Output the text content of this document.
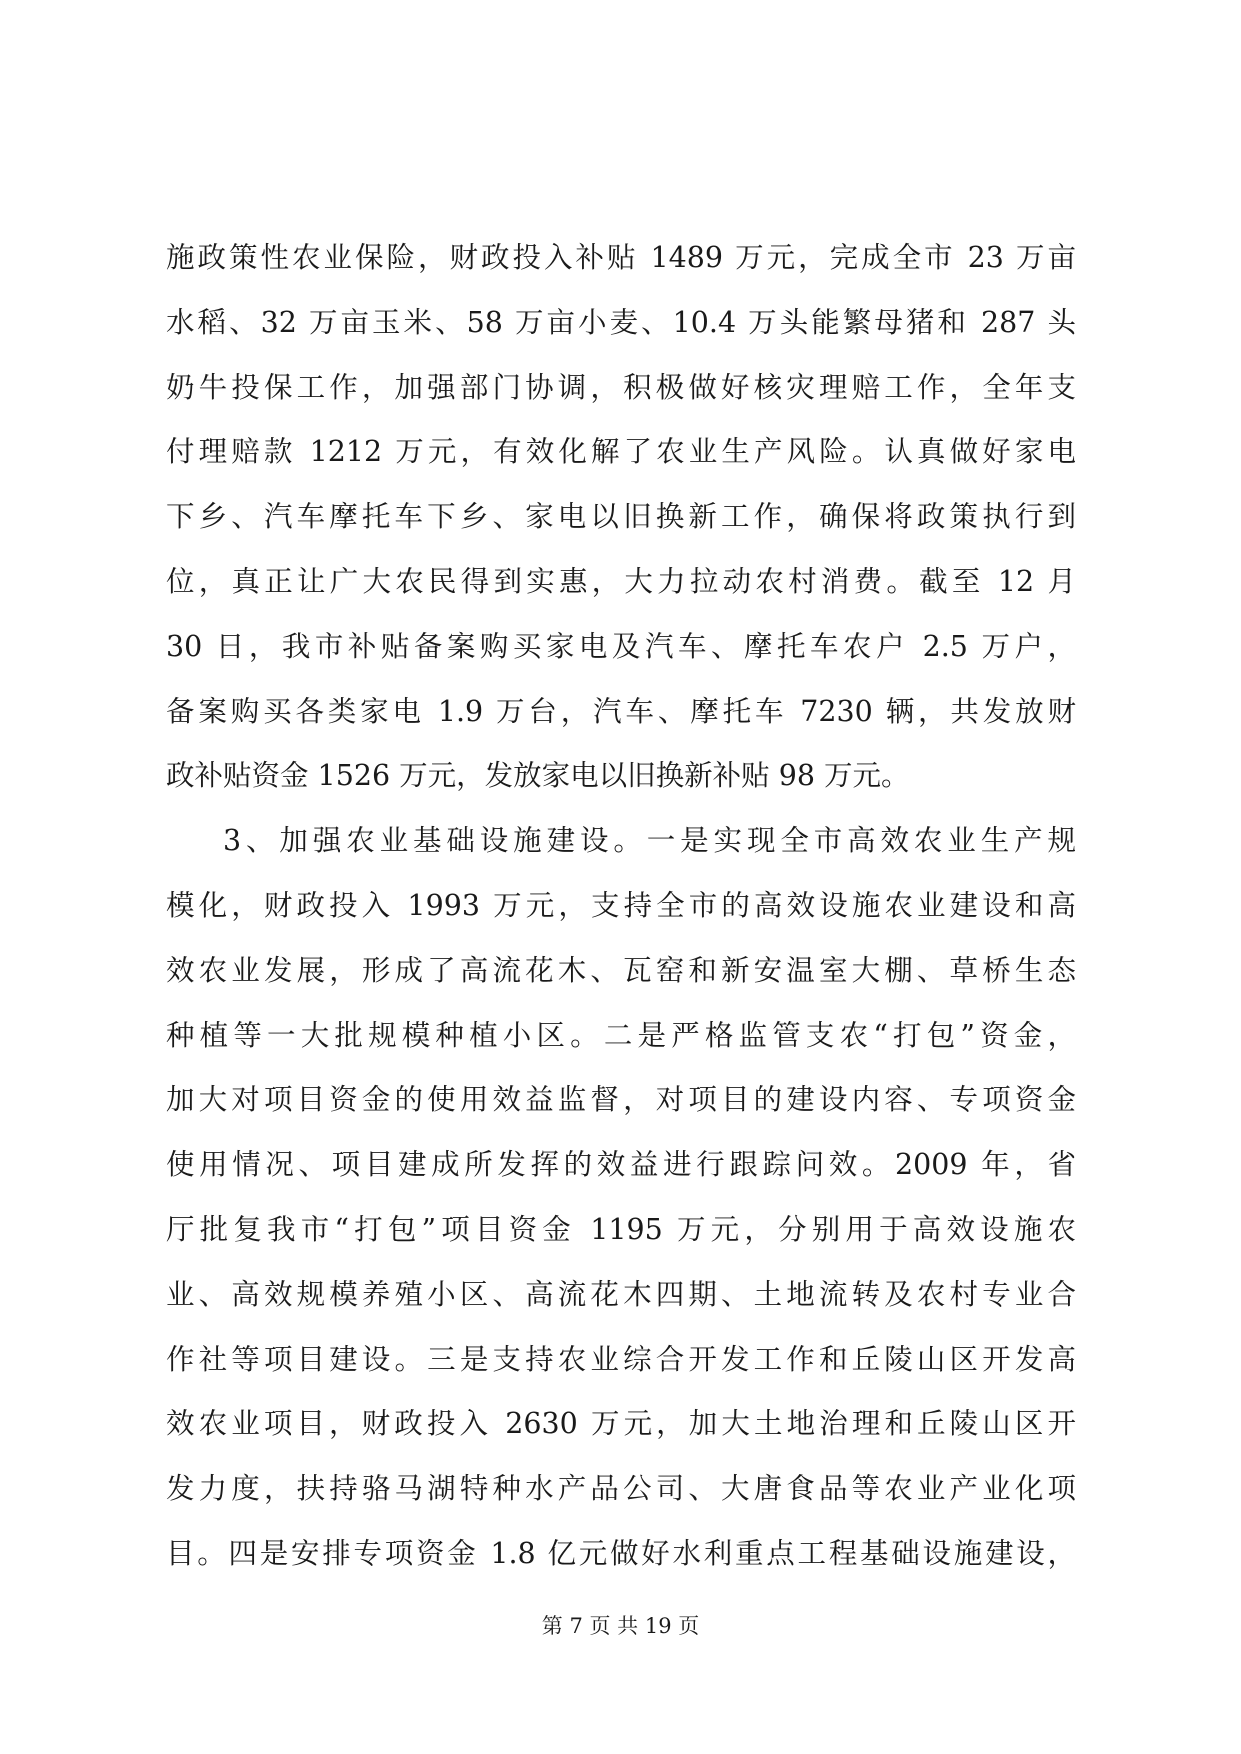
施政策性农业保险，财政投入补贴 1489 万元，完成全市 23 万亩
水稻、32 万亩玉米、58 万亩小麦、10.4 万头能繁母猪和 287 头
奶牛投保工作，加强部门协调，积极做好核灾理赔工作，全年支
付理赔款 1212 万元，有效化解了农业生产风险。认真做好家电
下乡、汽车摩托车下乡、家电以旧换新工作，确保将政策执行到
位，真正让广大农民得到实惠，大力拉动农村消费。截至 12 月
30 日，我市补贴备案购买家电及汽车、摩托车农户 2.5 万户，
备案购买各类家电 1.9 万台，汽车、摩托车 7230 辆，共发放财
政补贴资金 1526 万元，发放家电以旧换新补贴 98 万元。
3、加强农业基础设施建设。一是实现全市高效农业生产规
模化，财政投入 1993 万元，支持全市的高效设施农业建设和高
效农业发展，形成了高流花木、瓦窑和新安温室大棚、草桥生态
种植等一大批规模种植小区。二是严格监管支农“打包”资金，
加大对项目资金的使用效益监督，对项目的建设内容、专项资金
使用情况、项目建成所发挥的效益进行跟踪问效。2009 年，省
厅批复我市“打包”项目资金 1195 万元，分别用于高效设施农
业、高效规模养殖小区、高流花木四期、土地流转及农村专业合
作社等项目建设。三是支持农业综合开发工作和丘陵山区开发高
效农业项目，财政投入 2630 万元，加大土地治理和丘陵山区开
发力度，扶持骆马湖特种水产品公司、大唐食品等农业产业化项
目。四是安排专项资金 1.8 亿元做好水利重点工程基础设施建设，
第 7 页 共 19 页
